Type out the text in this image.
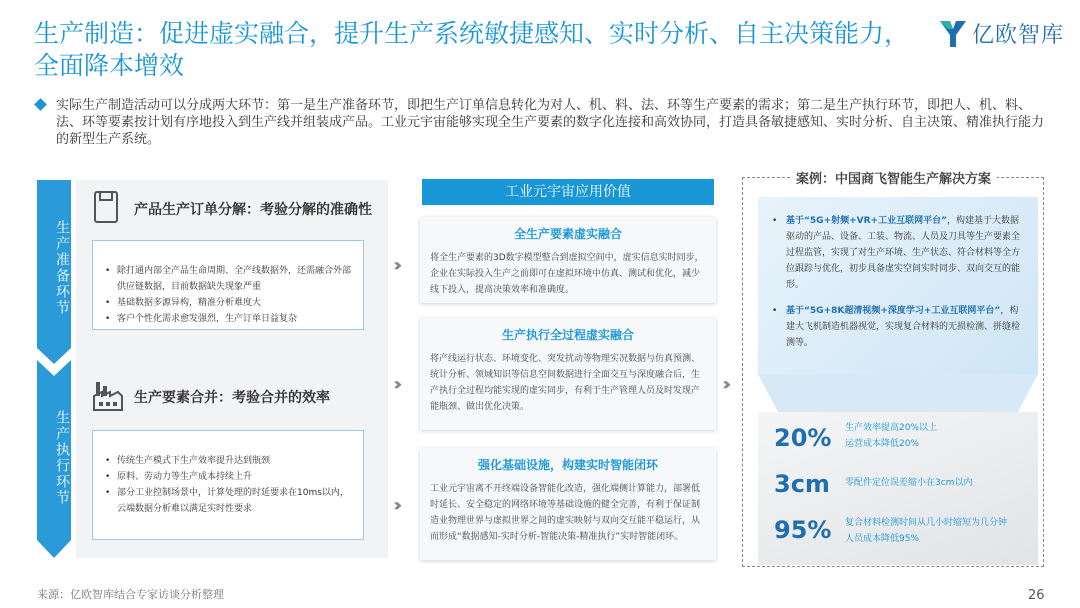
生产制造：促进虚实融合，提升生产系统敏捷感知、实时分析、自主决策能力，全面降本增效
亿欧智库
实际生产制造活动可以分成两大环节：第一是生产准备环节，即把生产订单信息转化为对人、机、料、法、环等生产要素的需求；第二是生产执行环节，即把人、机、料、法、环等要素按计划有序地投入到生产线并组装成产品。工业元宇宙能够实现全生产要素的数字化连接和高效协同，打造具备敏捷感知、实时分析、自主决策、精准执行能力的新型生产系统。
生产准备环节
生产执行环节
产品生产订单分解：考验分解的准确性
• 除打通内部全产品生命周期、全产线数据外，还需融合外部供应链数据，目前数据缺失现象严重
• 基础数据多源异构，精准分析难度大
• 客户个性化需求愈发强烈，生产订单日益复杂
生产要素合并：考验合并的效率
• 传统生产模式下生产效率提升达到瓶颈
• 原料、劳动力等生产成本持续上升
• 部分工业控制场景中，计算处理的时延要求在10ms以内，云端数据分析难以满足实时性要求
›››
›››
›››
›››
工业元宇宙应用价值
全生产要素虚实融合

将全生产要素的3D数字模型整合到虚拟空间中，虚实信息实时同步，企业在实际投入生产之前即可在虚拟环境中仿真、测试和优化，减少线下投入，提高决策效率和准确度。

生产执行全过程虚实融合

将产线运行状态、环境变化、突发扰动等物理实况数据与仿真预测、统计分析、领域知识等信息空间数据进行全面交互与深度融合后，生产执行全过程均能实现的虚实同步，有利于生产管理人员及时发现产能瓶颈、做出优化决策。

强化基础设施，构建实时智能闭环

工业元宇宙离不开终端设备智能化改造，强化端侧计算能力，部署低时延长、安全稳定的网络环境等基础设施的健全完善，有利于保证制造业物理世界与虚拟世界之间的虚实映射与双向交互能平稳运行，从而形成“数据感知-实时分析-智能决策-精准执行”实时智能闭环。

案例：中国商飞智能生产解决方案
• 基于“5G+射频+VR+工业互联网平台”，构建基于大数据驱动的产品、设备、工装、物流、人员及刀具等生产要素全过程监管，实现了对生产环境、生产状态、符合材料等全方位跟踪与优化，初步具备虚实空间实时同步、双向交互的能形。
• 基于“5G+8K超清视频+深度学习+工业互联网平台”，构建大飞机制造机器视觉，实现复合材料的无损检测、拼缝检测等。
20% 生产效率提高20%以上
运营成本降低20%
3cm 零配件定位误差缩小在3cm以内
95% 复合材料检测时间从几小时缩短为几分钟
人员成本降低95%
来源：亿欧智库结合专家访谈分析整理	26
